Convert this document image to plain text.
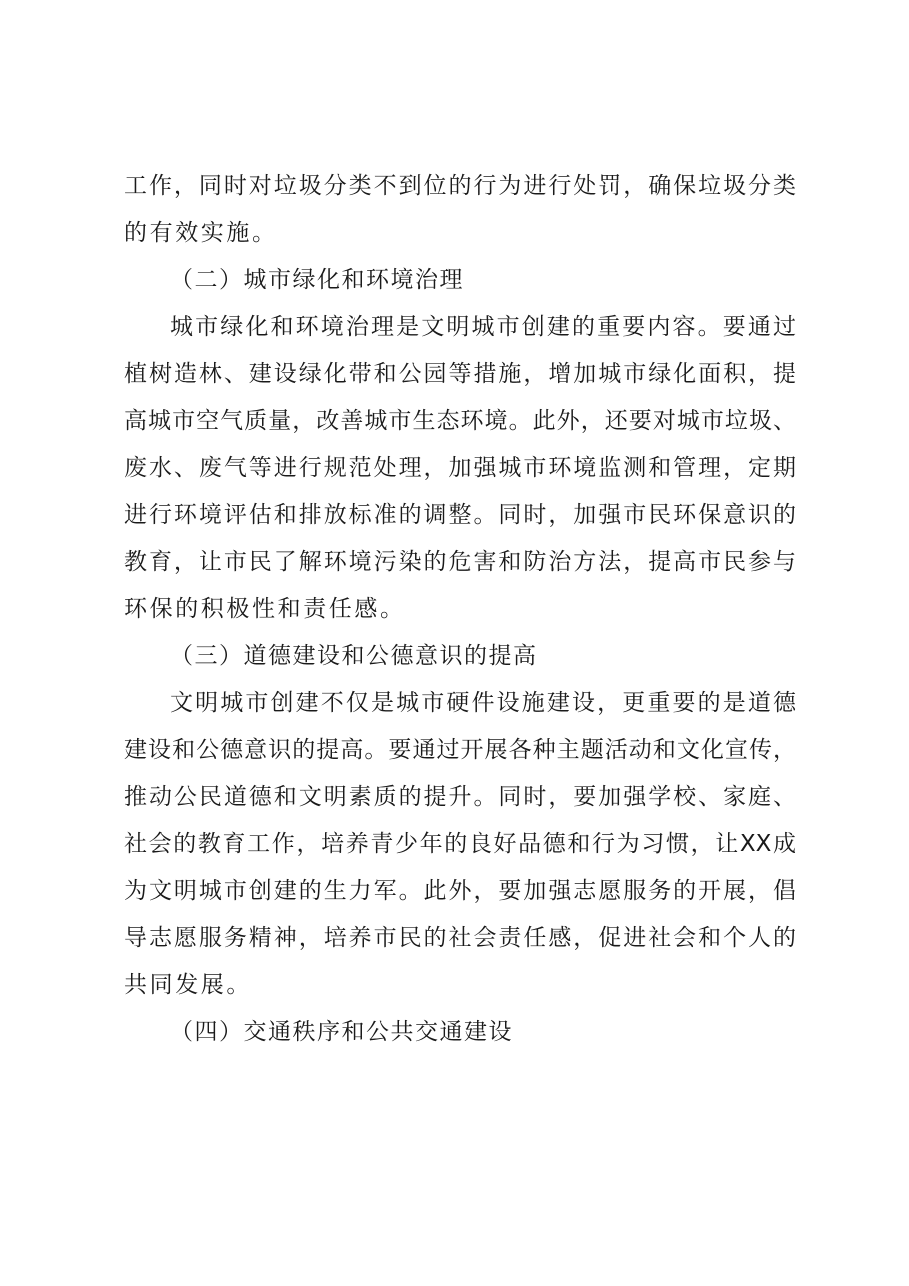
工作，同时对垃圾分类不到位的行为进行处罚，确保垃圾分类
的有效实施。
（二）城市绿化和环境治理
城市绿化和环境治理是文明城市创建的重要内容。要通过
植树造林、建设绿化带和公园等措施，增加城市绿化面积，提
高城市空气质量，改善城市生态环境。此外，还要对城市垃圾、
废水、废气等进行规范处理，加强城市环境监测和管理，定期
进行环境评估和排放标准的调整。同时，加强市民环保意识的
教育，让市民了解环境污染的危害和防治方法，提高市民参与
环保的积极性和责任感。
（三）道德建设和公德意识的提高
文明城市创建不仅是城市硬件设施建设，更重要的是道德
建设和公德意识的提高。要通过开展各种主题活动和文化宣传，
推动公民道德和文明素质的提升。同时，要加强学校、家庭、
社会的教育工作，培养青少年的良好品德和行为习惯，让XX成
为文明城市创建的生力军。此外，要加强志愿服务的开展，倡
导志愿服务精神，培养市民的社会责任感，促进社会和个人的
共同发展。
（四）交通秩序和公共交通建设
